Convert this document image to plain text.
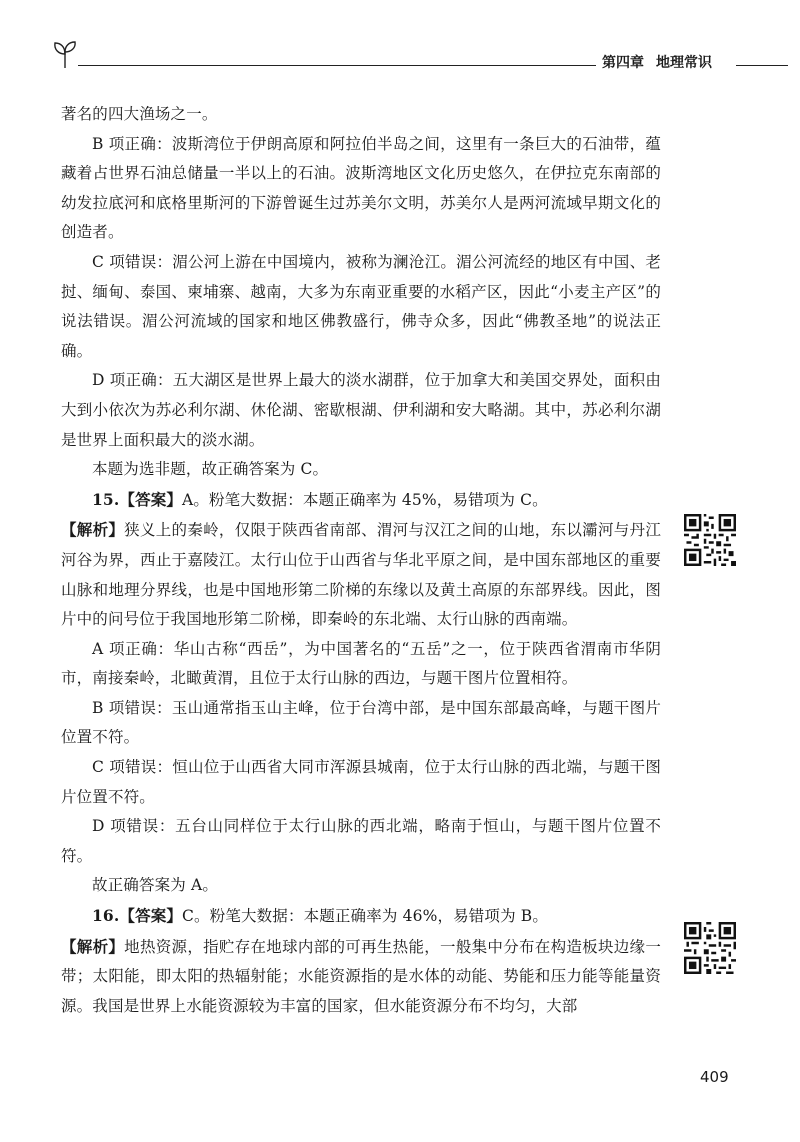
第四章 地理常识

著名的四大渔场之一。

B 项正确：波斯湾位于伊朗高原和阿拉伯半岛之间，这里有一条巨大的石油带，蕴藏着占世界石油总储量一半以上的石油。波斯湾地区文化历史悠久，在伊拉克东南部的幼发拉底河和底格里斯河的下游曾诞生过苏美尔文明，苏美尔人是两河流域早期文化的创造者。

C 项错误：湄公河上游在中国境内，被称为澜沧江。湄公河流经的地区有中国、老挝、缅甸、泰国、柬埔寨、越南，大多为东南亚重要的水稻产区，因此“小麦主产区”的说法错误。湄公河流域的国家和地区佛教盛行，佛寺众多，因此“佛教圣地”的说法正确。

D 项正确：五大湖区是世界上最大的淡水湖群，位于加拿大和美国交界处，面积由大到小依次为苏必利尔湖、休伦湖、密歇根湖、伊利湖和安大略湖。其中，苏必利尔湖是世界上面积最大的淡水湖。

本题为选非题，故正确答案为 C。

15.【答案】A。粉笔大数据：本题正确率为 45%，易错项为 C。

【解析】狭义上的秦岭，仅限于陕西省南部、渭河与汉江之间的山地，东以灞河与丹江河谷为界，西止于嘉陵江。太行山位于山西省与华北平原之间，是中国东部地区的重要山脉和地理分界线，也是中国地形第二阶梯的东缘以及黄土高原的东部界线。因此，图片中的问号位于我国地形第二阶梯，即秦岭的东北端、太行山脉的西南端。

A 项正确：华山古称“西岳”，为中国著名的“五岳”之一，位于陕西省渭南市华阴市，南接秦岭，北瞰黄渭，且位于太行山脉的西边，与题干图片位置相符。

B 项错误：玉山通常指玉山主峰，位于台湾中部，是中国东部最高峰，与题干图片位置不符。

C 项错误：恒山位于山西省大同市浑源县城南，位于太行山脉的西北端，与题干图片位置不符。

D 项错误：五台山同样位于太行山脉的西北端，略南于恒山，与题干图片位置不符。

故正确答案为 A。

16.【答案】C。粉笔大数据：本题正确率为 46%，易错项为 B。

【解析】地热资源，指贮存在地球内部的可再生热能，一般集中分布在构造板块边缘一带；太阳能，即太阳的热辐射能；水能资源指的是水体的动能、势能和压力能等能量资源。我国是世界上水能资源较为丰富的国家，但水能资源分布不均匀，大部

409
